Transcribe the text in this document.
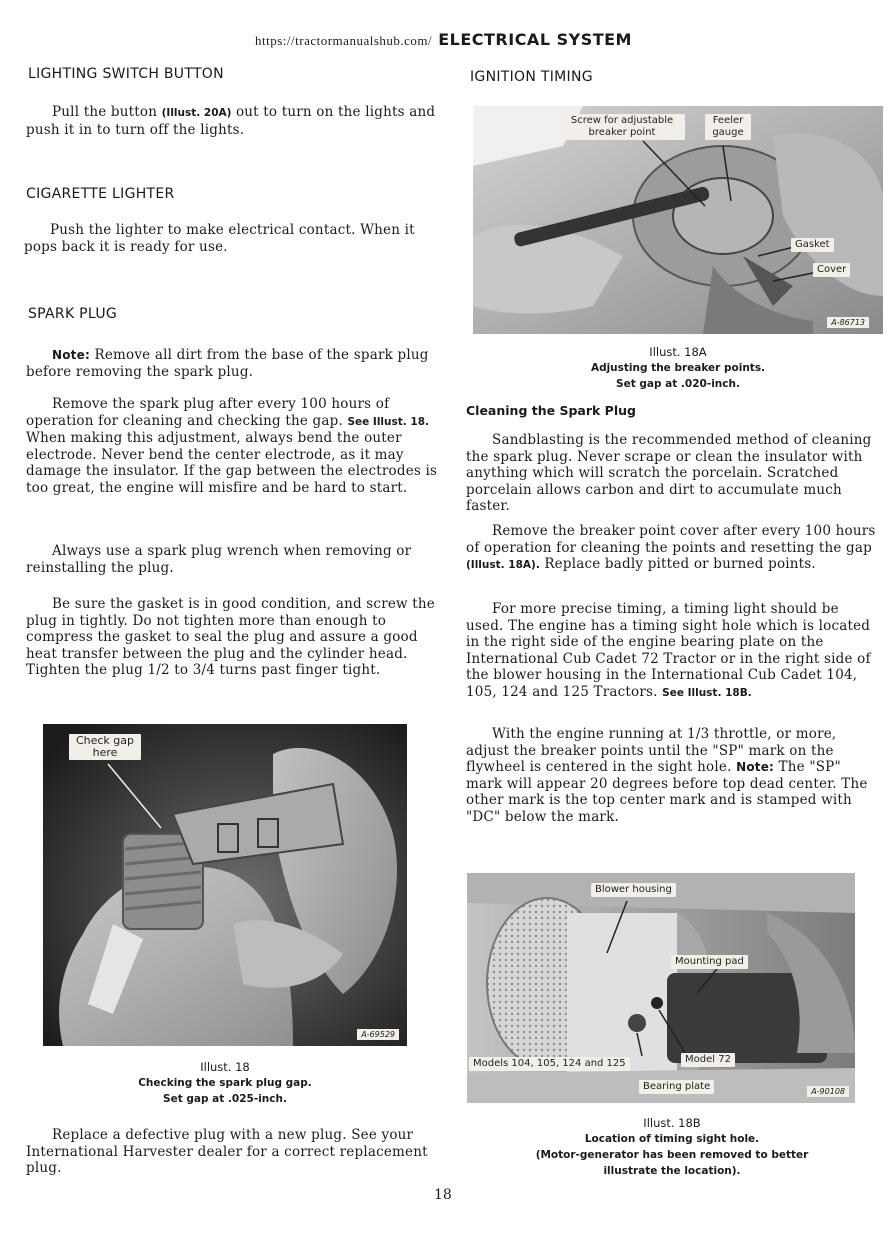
https://tractormanualshub.com/ ELECTRICAL SYSTEM
LIGHTING SWITCH BUTTON

Pull the button (Illust. 20A) out to turn on the lights and push it in to turn off the lights.

CIGARETTE LIGHTER

Push the lighter to make electrical contact. When it pops back it is ready for use.

SPARK PLUG

Note: Remove all dirt from the base of the spark plug before removing the spark plug.

Remove the spark plug after every 100 hours of operation for cleaning and checking the gap. See Illust. 18. When making this adjustment, always bend the outer electrode. Never bend the center electrode, as it may damage the insulator. If the gap between the electrodes is too great, the engine will misfire and be hard to start.

Always use a spark plug wrench when removing or reinstalling the plug.

Be sure the gasket is in good condition, and screw the plug in tightly. Do not tighten more than enough to compress the gasket to seal the plug and assure a good heat transfer between the plug and the cylinder head. Tighten the plug 1/2 to 3/4 turns past finger tight.

Check gap here
A-69529
Illust. 18
Checking the spark plug gap.
Set gap at .025-inch.

Replace a defective plug with a new plug. See your International Harvester dealer for a correct replacement plug.

IGNITION TIMING
Screw for adjustable breaker point
Feeler gauge
Gasket
Cover
A-86713
Illust. 18A
Adjusting the breaker points.
Set gap at .020-inch.
Cleaning the Spark Plug

Sandblasting is the recommended method of cleaning the spark plug. Never scrape or clean the insulator with anything which will scratch the porcelain. Scratched porcelain allows carbon and dirt to accumulate much faster.

Remove the breaker point cover after every 100 hours of operation for cleaning the points and resetting the gap (Illust. 18A). Replace badly pitted or burned points.

For more precise timing, a timing light should be used. The engine has a timing sight hole which is located in the right side of the engine bearing plate on the International Cub Cadet 72 Tractor or in the right side of the blower housing in the International Cub Cadet 104, 105, 124 and 125 Tractors. See Illust. 18B.

With the engine running at 1/3 throttle, or more, adjust the breaker points until the "SP" mark on the flywheel is centered in the sight hole. Note: The "SP" mark will appear 20 degrees before top dead center. The other mark is the top center mark and is stamped with "DC" below the mark.

Blower housing
Mounting pad
Models 104, 105, 124 and 125	Model 72
Bearing plate	A-90108
Illust. 18B
Location of timing sight hole.
(Motor-generator has been removed to better
illustrate the location).
18
